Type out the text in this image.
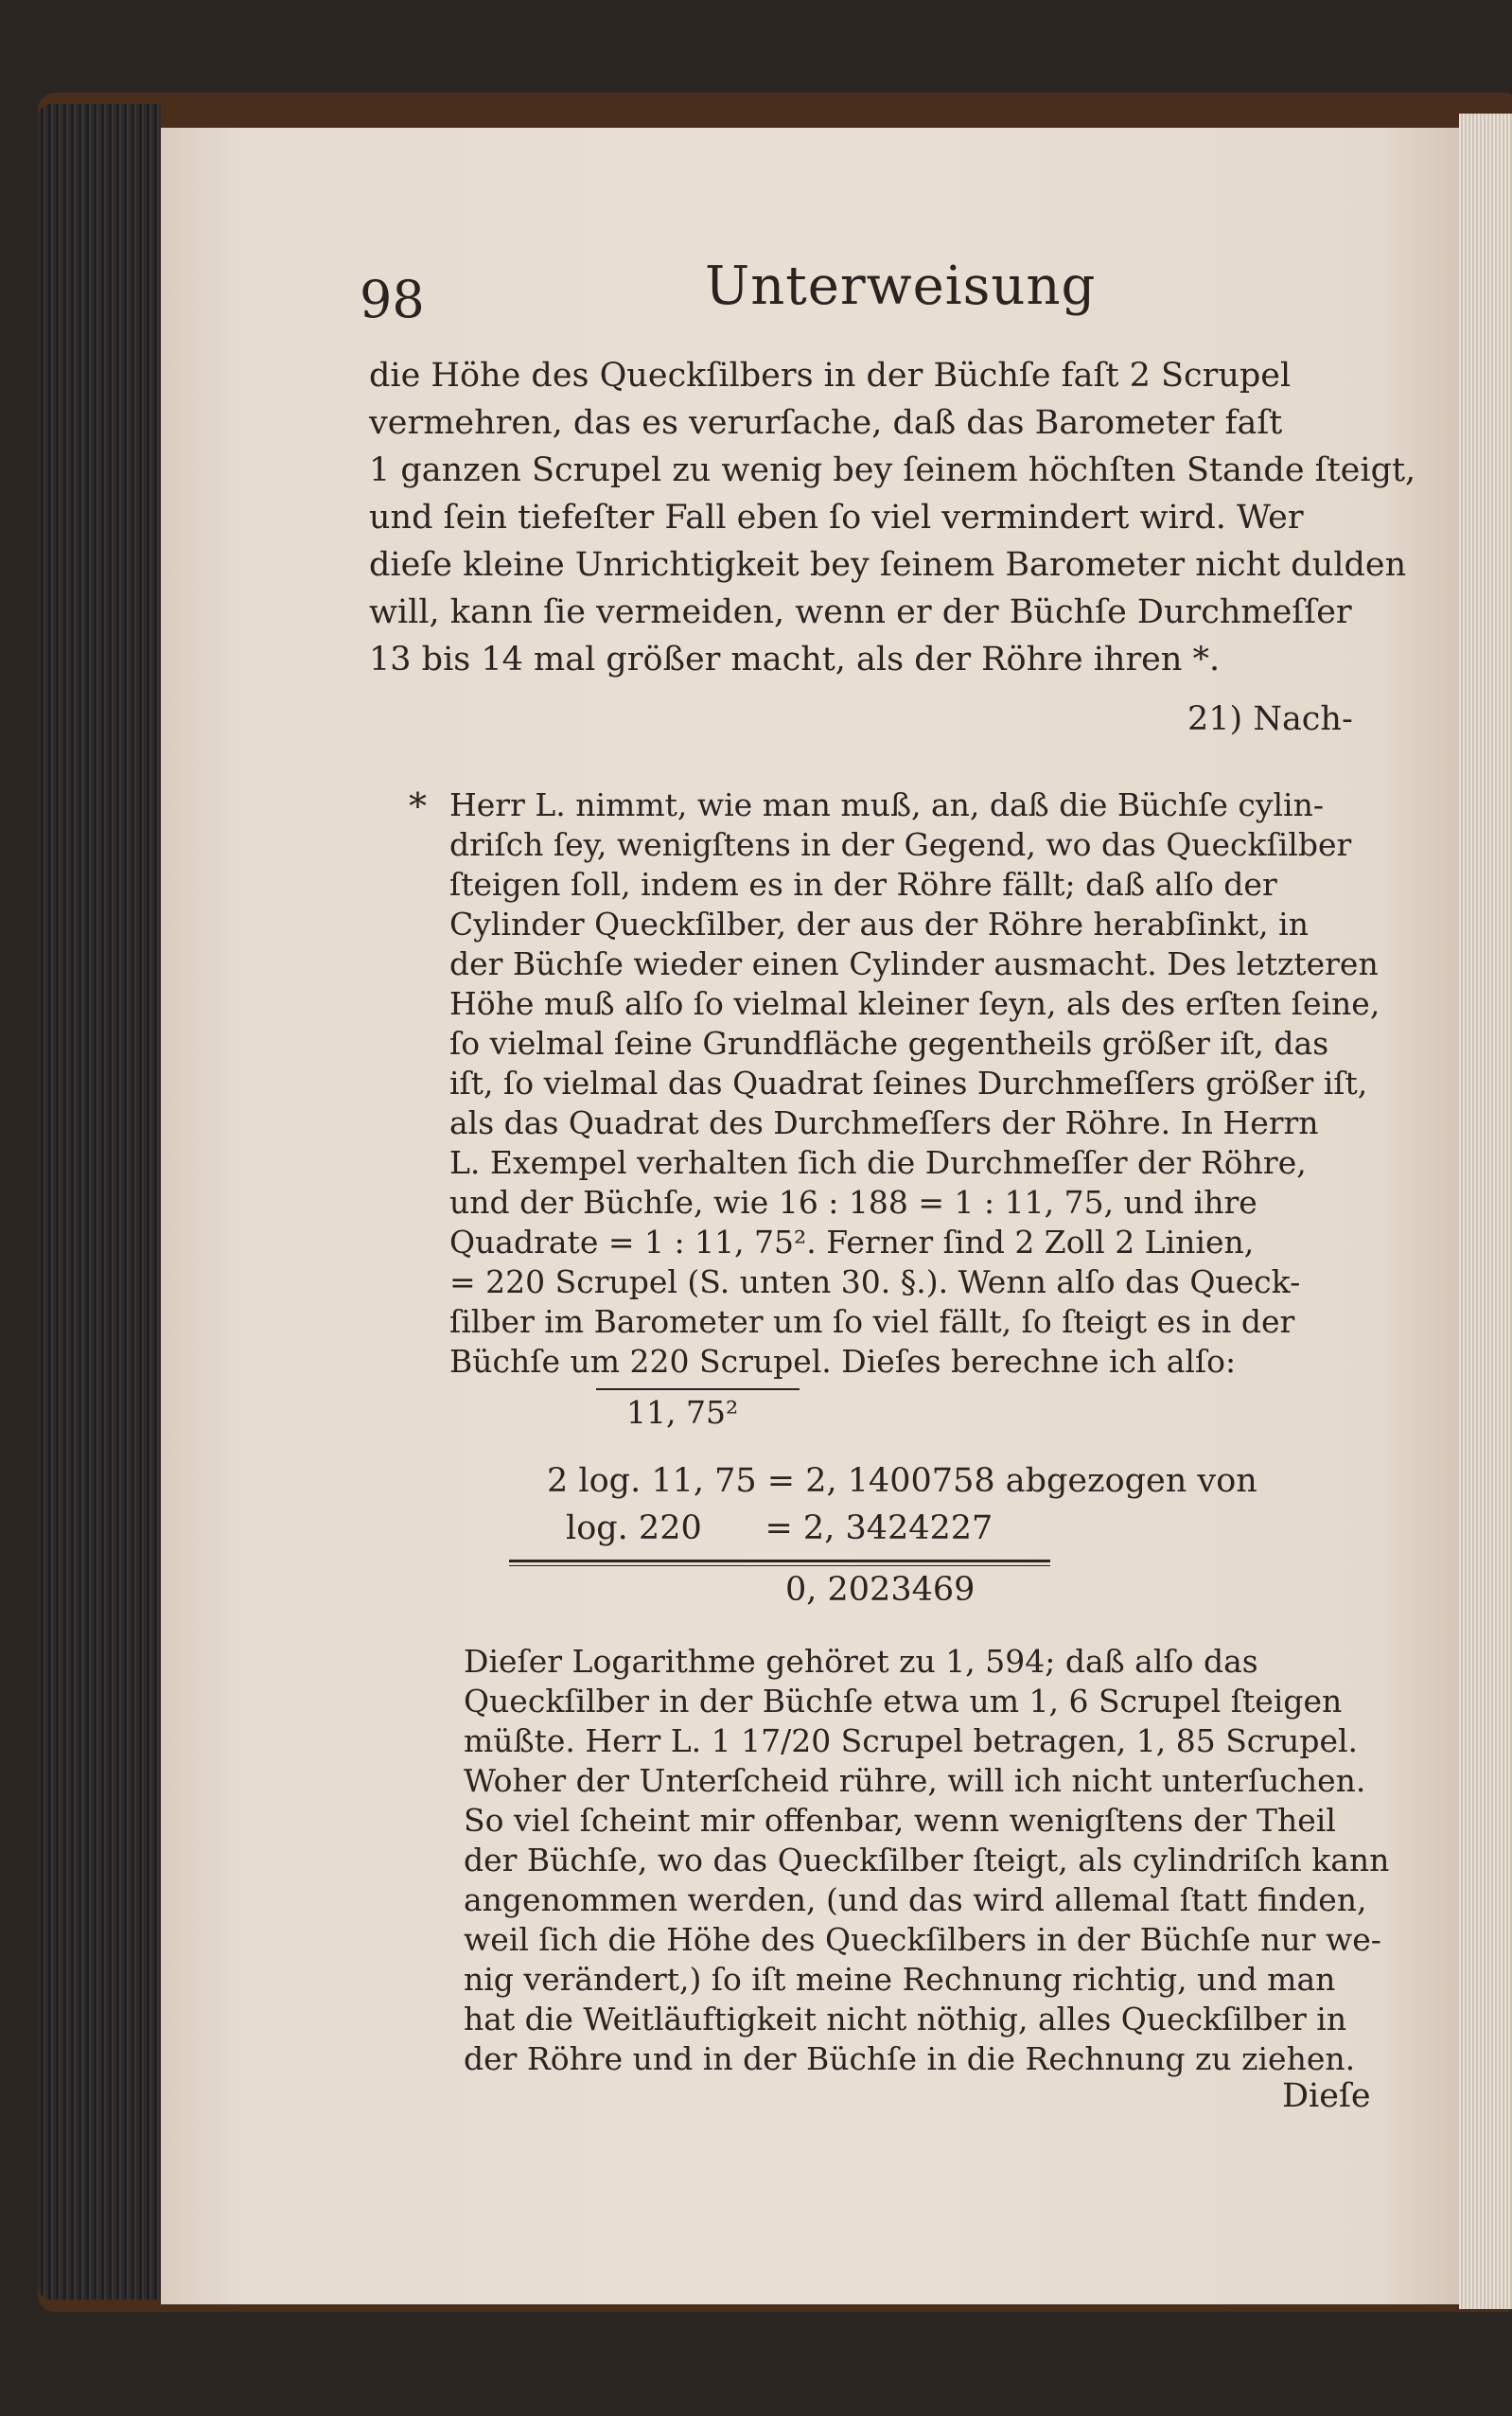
98	Unterweisung
die Höhe des Queckſilbers in der Büchſe faſt 2 Scrupel
vermehren, das es verurſache, daß das Barometer faſt
1 ganzen Scrupel zu wenig bey ſeinem höchſten Stande ſteigt,
und ſein tiefeſter Fall eben ſo viel vermindert wird. Wer
dieſe kleine Unrichtigkeit bey ſeinem Barometer nicht dulden
will, kann ſie vermeiden, wenn er der Büchſe Durchmeſſer
13 bis 14 mal größer macht, als der Röhre ihren *.
21) Nach-
* Herr L. nimmt, wie man muß, an, daß die Büchſe cylin-
driſch ſey, wenigſtens in der Gegend, wo das Queckſilber
ſteigen ſoll, indem es in der Röhre fällt; daß alſo der
Cylinder Queckſilber, der aus der Röhre herabſinkt, in
der Büchſe wieder einen Cylinder ausmacht. Des letzteren
Höhe muß alſo ſo vielmal kleiner ſeyn, als des erſten ſeine,
ſo vielmal ſeine Grundfläche gegentheils größer iſt, das
iſt, ſo vielmal das Quadrat ſeines Durchmeſſers größer iſt,
als das Quadrat des Durchmeſſers der Röhre. In Herrn
L. Exempel verhalten ſich die Durchmeſſer der Röhre,
und der Büchſe, wie 16 : 188 = 1 : 11, 75, und ihre
Quadrate = 1 : 11, 75². Ferner ſind 2 Zoll 2 Linien,
= 220 Scrupel (S. unten 30. §.). Wenn alſo das Queck-
ſilber im Barometer um ſo viel fällt, ſo ſteigt es in der
Büchſe um 220 Scrupel. Dieſes berechne ich alſo:
11, 75²
2 log. 11, 75 = 2, 1400758 abgezogen von
log. 220      = 2, 3424227
0, 2023469
Dieſer Logarithme gehöret zu 1, 594; daß alſo das
Queckſilber in der Büchſe etwa um 1, 6 Scrupel ſteigen
müßte. Herr L. 1 17/20 Scrupel betragen, 1, 85 Scrupel.
Woher der Unterſcheid rühre, will ich nicht unterſuchen.
So viel ſcheint mir offenbar, wenn wenigſtens der Theil
der Büchſe, wo das Queckſilber ſteigt, als cylindriſch kann
angenommen werden, (und das wird allemal ſtatt finden,
weil ſich die Höhe des Queckſilbers in der Büchſe nur we-
nig verändert,) ſo iſt meine Rechnung richtig, und man
hat die Weitläuftigkeit nicht nöthig, alles Queckſilber in
der Röhre und in der Büchſe in die Rechnung zu ziehen.
Dieſe
